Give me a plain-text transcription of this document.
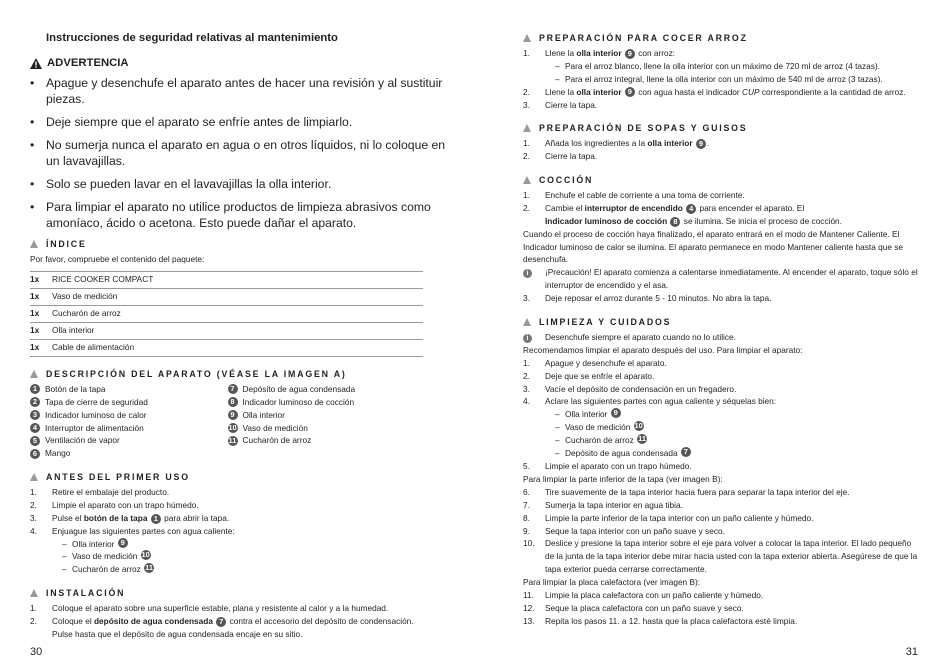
Instrucciones de seguridad relativas al mantenimiento
ADVERTENCIA
• Apague y desenchufe el aparato antes de hacer una revisión y al sustituir piezas.
• Deje siempre que el aparato se enfríe antes de limpiarlo.
• No sumerja nunca el aparato en agua o en otros líquidos, ni lo coloque en un lavavajillas.
• Solo se pueden lavar en el lavavajillas la olla interior.
• Para limpiar el aparato no utilice productos de limpieza abrasivos como amoníaco, ácido o acetona. Esto puede dañar el aparato.
ÍNDICE
Por favor, compruebe el contenido del paquete:
1x	RICE COOKER COMPACT
1x	Vaso de medición
1x	Cucharón de arroz
1x	Olla interior
1x	Cable de alimentación
DESCRIPCIÓN DEL APARATO (VÉASE LA IMAGEN A)
1 Botón de la tapa
2 Tapa de cierre de seguridad
3 Indicador luminoso de calor
4 Interruptor de alimentación
5 Ventilación de vapor
6 Mango
7 Depósito de agua condensada
8 Indicador luminoso de cocción
9 Olla interior
10 Vaso de medición
11 Cucharón de arroz
ANTES DEL PRIMER USO
1.	Retire el embalaje del producto.
2.	Limpie el aparato con un trapo húmedo.
3.	Pulse el botón de la tapa 1 para abrir la tapa.
4.	Enjuague las siguientes partes con agua caliente:
– Olla interior
9
– Vaso de medición
10
– Cucharón de arroz
11
INSTALACIÓN
1.	Coloque el aparato sobre una superficie estable, plana y resistente al calor y a la humedad.
2.	Coloque el depósito de agua condensada 7 contra el accesorio del depósito de condensación.
Pulse hasta que el depósito de agua condensada encaje en su sitio.
30
PREPARACIÓN PARA COCER ARROZ
1.	Llene la olla interior 9 con arroz:
– Para el arroz blanco, llene la olla interior con un máximo de 720 ml de arroz (4 tazas).
– Para el arroz integral, llene la olla interior con un máximo de 540 ml de arroz (3 tazas).
2.	Llene la olla interior 9 con agua hasta el indicador CUP correspondiente a la cantidad de arroz.
3.	Cierre la tapa.
PREPARACIÓN DE SOPAS Y GUISOS
1.	Añada los ingredientes a la olla interior 9 .
2.	Cierre la tapa.
COCCIÓN
1.	Enchufe el cable de corriente a una toma de corriente.
2.	Cambie el interruptor de encendido 4 para encender el aparato. El
Indicador luminoso de cocción 8 se ilumina. Se inicia el proceso de cocción.
Cuando el proceso de cocción haya finalizado, el aparato entrará en el modo de Mantener Caliente. El Indicador luminoso de calor se ilumina. El aparato permanece en modo Mantener caliente hasta que se desenchufa.
i	¡Precaución! El aparato comienza a calentarse inmediatamente. Al encender el aparato, toque sólo el interruptor de encendido y el asa.
3.	Deje reposar el arroz durante 5 - 10 minutos. No abra la tapa.
LIMPIEZA Y CUIDADOS
i	Desenchufe siempre el aparato cuando no lo utilice.
Recomendamos limpiar el aparato después del uso. Para limpiar el aparato:
1.	Apague y desenchufe el aparato.
2.	Deje que se enfríe el aparato.
3.	Vacíe el depósito de condensación en un fregadero.
4.	Aclare las siguientes partes con agua caliente y séquelas bien:
– Olla interior
9
– Vaso de medición
10
– Cucharón de arroz
11
– Depósito de agua condensada
7
5.	Limpie el aparato con un trapo húmedo.
Para limpiar la parte inferior de la tapa (ver imagen B):
6.	Tire suavemente de la tapa interior hacia fuera para separar la tapa interior del eje.
7.	Sumerja la tapa interior en agua tibia.
8.	Limpie la parte inferior de la tapa interior con un paño caliente y húmedo.
9.	Seque la tapa interior con un paño suave y seco.
10.	Deslice y presione la tapa interior sobre el eje para volver a colocar la tapa interior. El lado pequeño de la junta de la tapa interior debe mirar hacia usted con la tapa exterior abierta. Asegúrese de que la tapa exterior pueda cerrarse correctamente.
Para limpiar la placa calefactora (ver imagen B):
11.	Limpie la placa calefactora con un paño caliente y húmedo.
12.	Seque la placa calefactora con un paño suave y seco.
13.	Repita los pasos 11. a 12. hasta que la placa calefactora esté limpia.
31
